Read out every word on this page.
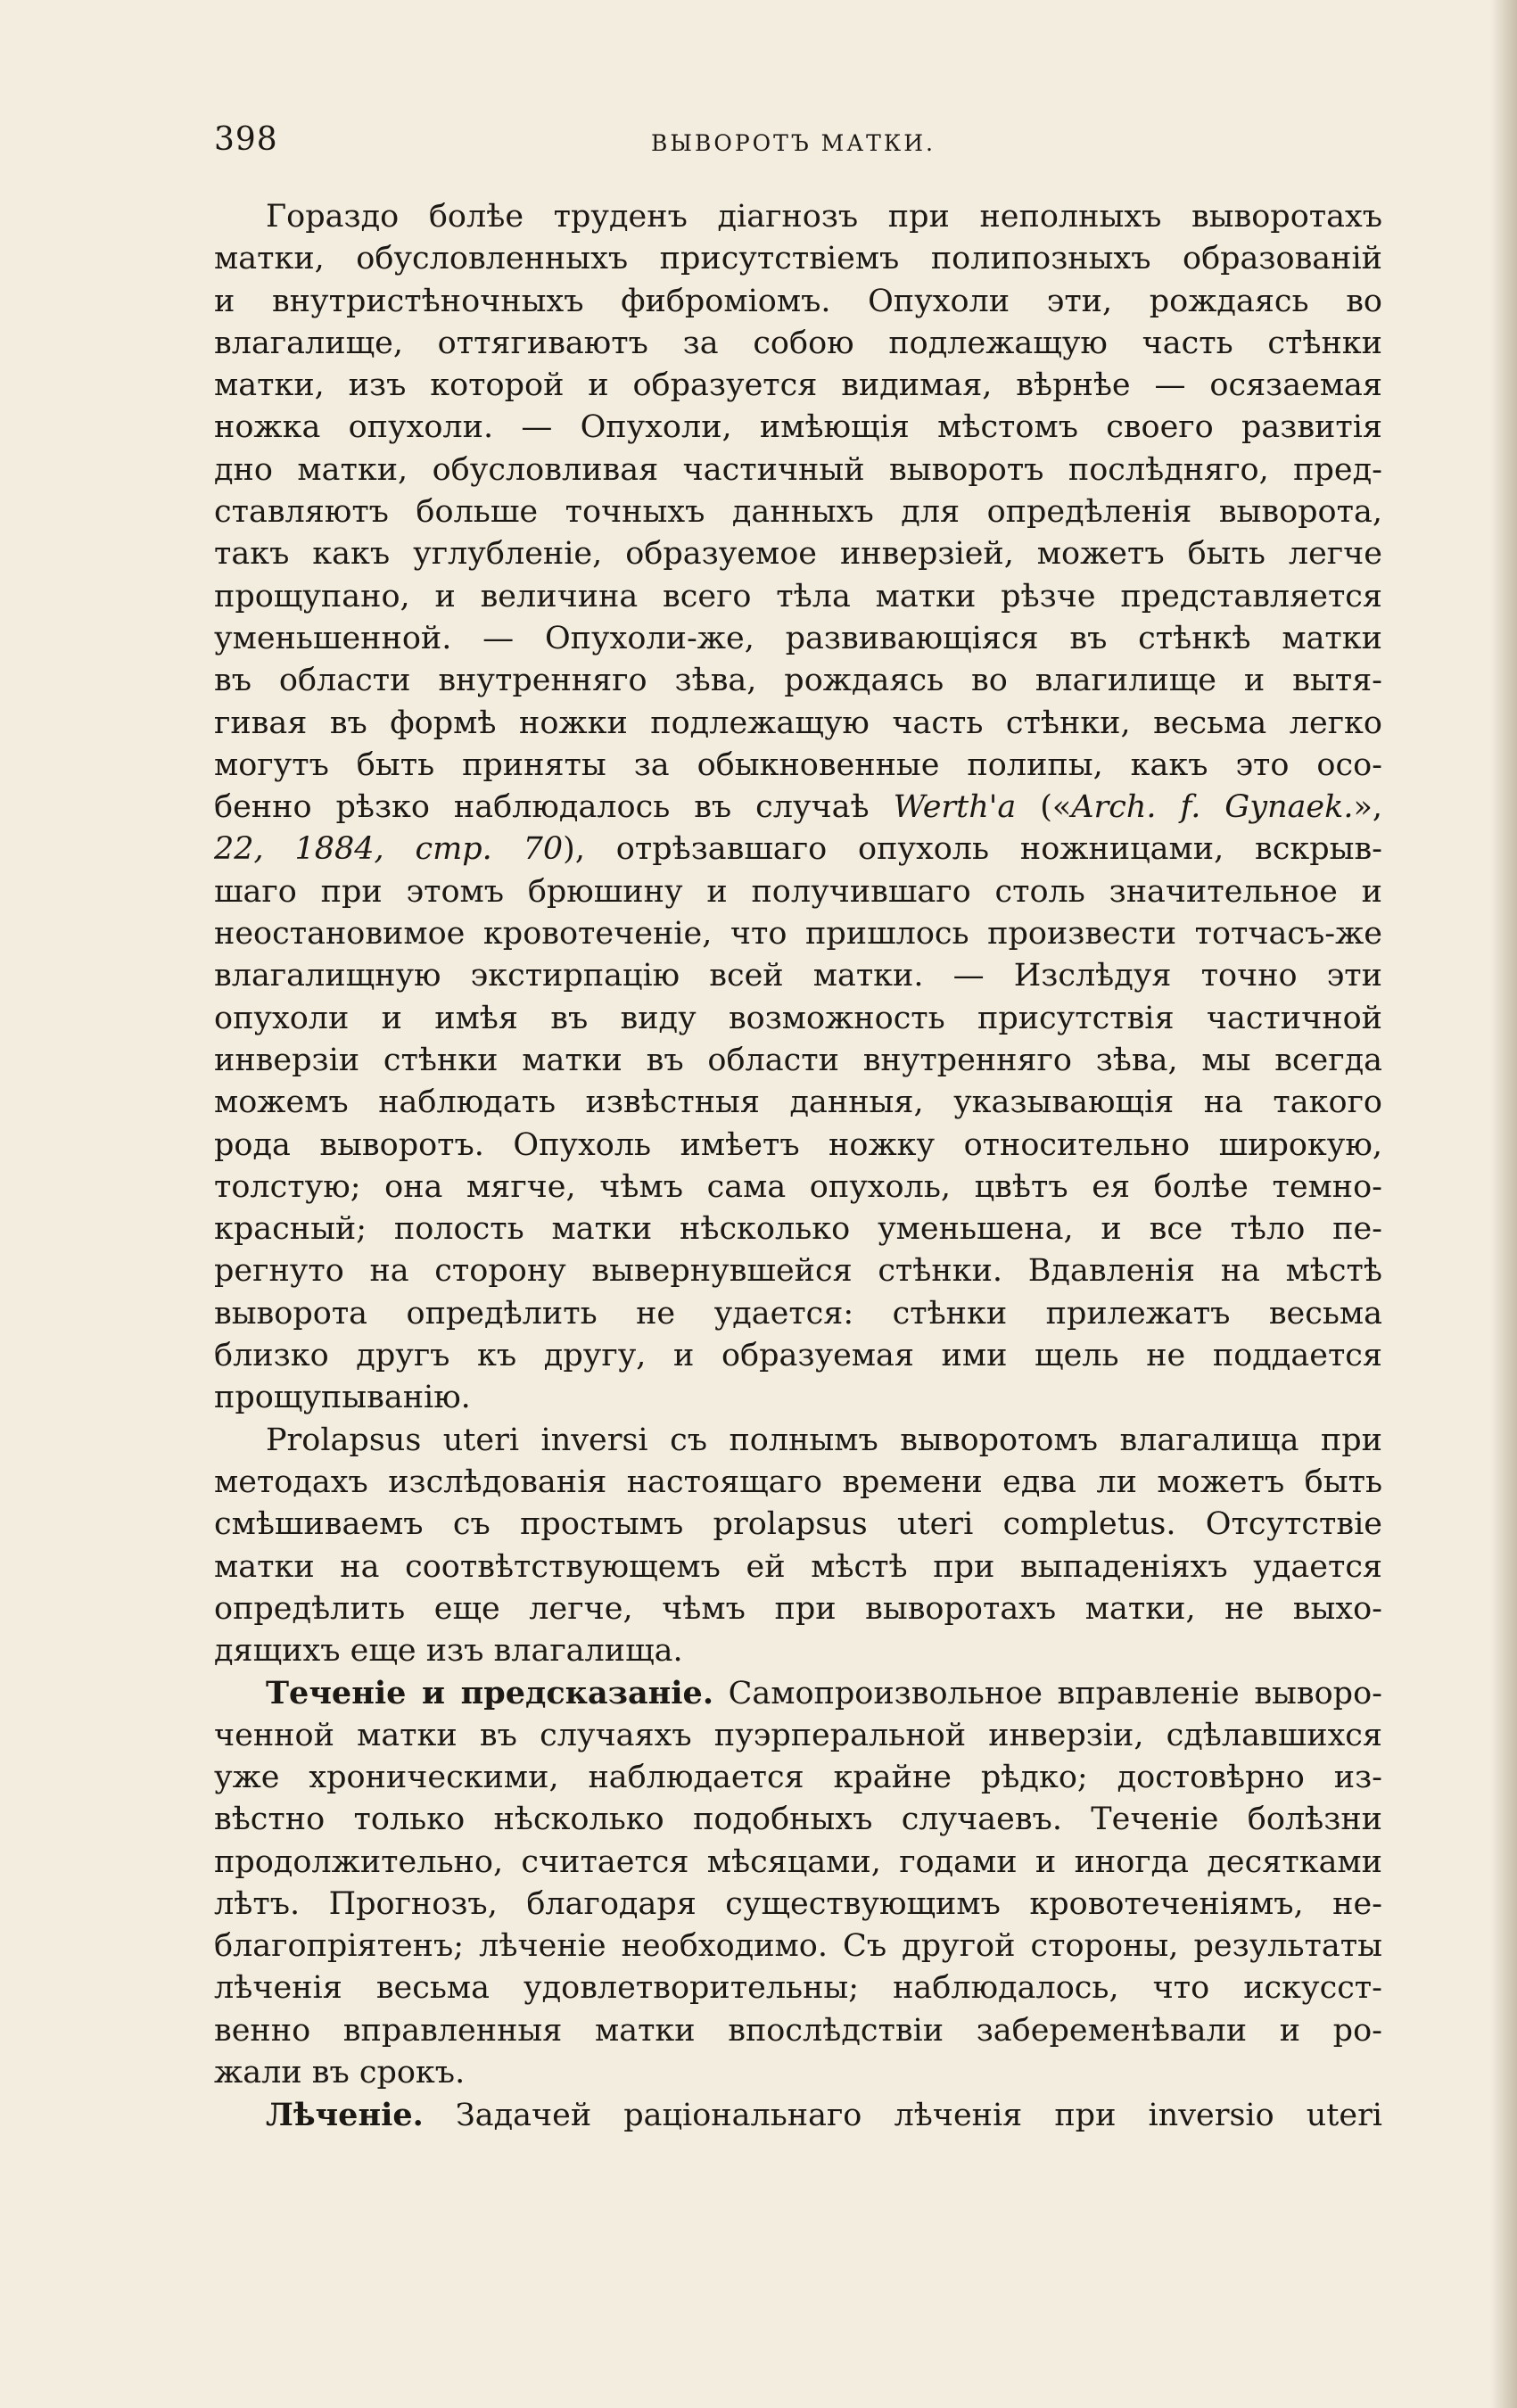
398	ВЫВОРОТЪ МАТКИ.
Гораздо болѣе труденъ діагнозъ при неполныхъ выворотахъ
матки, обусловленныхъ присутствіемъ полипозныхъ образованій
и внутристѣночныхъ фибромiомъ. Опухоли эти, рождаясь во
влагалище, оттягиваютъ за собою подлежащую часть стѣнки
матки, изъ которой и образуется видимая, вѣрнѣе — осязаемая
ножка опухоли. — Опухоли, имѣющія мѣстомъ своего развитія
дно матки, обусловливая частичный выворотъ послѣдняго, пред-
ставляютъ больше точныхъ данныхъ для опредѣленія выворота,
такъ какъ углубленіе, образуемое инверзіей, можетъ быть легче
прощупано, и величина всего тѣла матки рѣзче представляется
уменьшенной. — Опухоли-же, развивающіяся въ стѣнкѣ матки
въ области внутренняго зѣва, рождаясь во влагилище и вытя-
гивая въ формѣ ножки подлежащую часть стѣнки, весьма легко
могутъ быть приняты за обыкновенные полипы, какъ это осо-
бенно рѣзко наблюдалось въ случаѣ Werth'a («Arch. f. Gynaek.»,
22, 1884, стр. 70), отрѣзавшаго опухоль ножницами, вскрыв-
шаго при этомъ брюшину и получившаго столь значительное и
неостановимое кровотеченіе, что пришлось произвести тотчасъ-же
влагалищную экстирпацію всей матки. — Изслѣдуя точно эти
опухоли и имѣя въ виду возможность присутствія частичной
инверзіи стѣнки матки въ области внутренняго зѣва, мы всегда
можемъ наблюдать извѣстныя данныя, указывающія на такого
рода выворотъ. Опухоль имѣетъ ножку относительно широкую,
толстую; она мягче, чѣмъ сама опухоль, цвѣтъ ея болѣе темно-
красный; полость матки нѣсколько уменьшена, и все тѣло пе-
регнуто на сторону вывернувшейся стѣнки. Вдавленія на мѣстѣ
выворота опредѣлить не удается: стѣнки прилежатъ весьма
близко другъ къ другу, и образуемая ими щель не поддается
прощупыванію.
Prolapsus uteri inversi съ полнымъ выворотомъ влагалища при
методахъ изслѣдованія настоящаго времени едва ли можетъ быть
смѣшиваемъ съ простымъ prolapsus uteri completus. Отсутствіе
матки на соотвѣтствующемъ ей мѣстѣ при выпаденіяхъ удается
опредѣлить еще легче, чѣмъ при выворотахъ матки, не выхо-
дящихъ еще изъ влагалища.
Теченіе и предсказаніе. Самопроизвольное вправленіе вывoро-
ченной матки въ случаяхъ пуэрперальной инверзіи, сдѣлавшихся
уже хроническими, наблюдается крайне рѣдко; достовѣрно из-
вѣстно только нѣсколько подобныхъ случаевъ. Теченіе болѣзни
продолжительно, считается мѣсяцами, годами и иногда десятками
лѣтъ. Прогнозъ, благодаря существующимъ кровотеченіямъ, не-
благопріятенъ; лѣченіе необходимо. Съ другой стороны, результаты
лѣченія весьма удовлетворительны; наблюдалось, что искусст-
венно вправленныя матки впослѣдствіи забеременѣвали и ро-
жали въ срокъ.
Лѣченіе. Задачей раціональнаго лѣченія при inversio uteri
